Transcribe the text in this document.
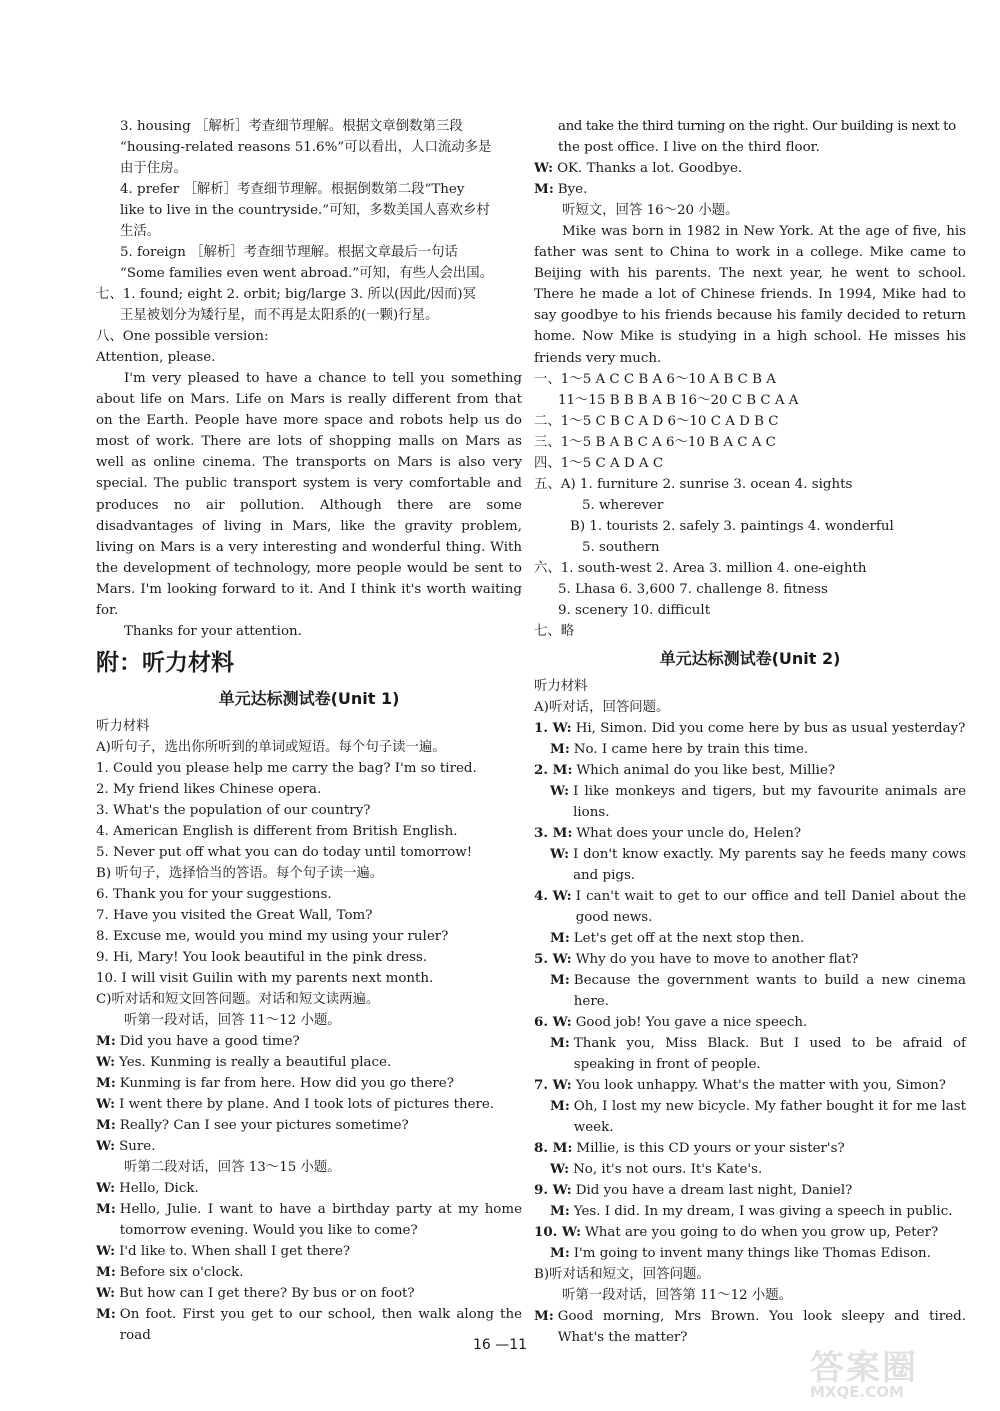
3. housing ［解析］考查细节理解。根据文章倒数第三段
“housing-related reasons 51.6%”可以看出，人口流动多是
由于住房。
4. prefer ［解析］考查细节理解。根据倒数第二段“They
like to live in the countryside.”可知，多数美国人喜欢乡村
生活。
5. foreign ［解析］考查细节理解。根据文章最后一句话
“Some families even went abroad.”可知，有些人会出国。
七、1. found; eight 2. orbit; big/large 3. 所以(因此/因而)冥
王星被划分为矮行星，而不再是太阳系的(一颗)行星。
八、One possible version:
Attention, please.
I'm very pleased to have a chance to tell you something about life on Mars. Life on Mars is really different from that on the Earth. People have more space and robots help us do most of work. There are lots of shopping malls on Mars as well as online cinema. The transports on Mars is also very special. The public transport system is very comfortable and produces no air pollution. Although there are some disadvantages of living in Mars, like the gravity problem, living on Mars is a very interesting and wonderful thing. With the development of technology, more people would be sent to Mars. I'm looking forward to it. And I think it's worth waiting for.
Thanks for your attention.
附：听力材料
单元达标测试卷(Unit 1)
听力材料
A)听句子，选出你所听到的单词或短语。每个句子读一遍。
1. Could you please help me carry the bag? I'm so tired.
2. My friend likes Chinese opera.
3. What's the population of our country?
4. American English is different from British English.
5. Never put off what you can do today until tomorrow!
B) 听句子，选择恰当的答语。每个句子读一遍。
6. Thank you for your suggestions.
7. Have you visited the Great Wall, Tom?
8. Excuse me, would you mind my using your ruler?
9. Hi, Mary! You look beautiful in the pink dress.
10. I will visit Guilin with my parents next month.
C)听对话和短文回答问题。对话和短文读两遍。
听第一段对话，回答 11～12 小题。
M: Did you have a good time?
W: Yes. Kunming is really a beautiful place.
M: Kunming is far from here. How did you go there?
W: I went there by plane. And I took lots of pictures there.
M: Really? Can I see your pictures sometime?
W: Sure.
听第二段对话，回答 13～15 小题。
W: Hello, Dick.
M: Hello, Julie. I want to have a birthday party at my home tomorrow evening. Would you like to come?
W: I'd like to. When shall I get there?
M: Before six o'clock.
W: But how can I get there? By bus or on foot?
M: On foot. First you get to our school, then walk along the road
and take the third turning on the right. Our building is next to
the post office. I live on the third floor.
W: OK. Thanks a lot. Goodbye.
M: Bye.
听短文，回答 16～20 小题。
Mike was born in 1982 in New York. At the age of five, his father was sent to China to work in a college. Mike came to Beijing with his parents. The next year, he went to school. There he made a lot of Chinese friends. In 1994, Mike had to say goodbye to his friends because his family decided to return home. Now Mike is studying in a high school. He misses his friends very much.
一、1～5 A C C B A 6～10 A B C B A
11～15 B B B A B 16～20 C B C A A
二、1～5 C B C A D 6～10 C A D B C
三、1～5 B A B C A 6～10 B A C A C
四、1～5 C A D A C
五、A) 1. furniture 2. sunrise 3. ocean 4. sights
5. wherever
B) 1. tourists 2. safely 3. paintings 4. wonderful
5. southern
六、1. south-west 2. Area 3. million 4. one-eighth
5. Lhasa 6. 3,600 7. challenge 8. fitness
9. scenery 10. difficult
七、略
单元达标测试卷(Unit 2)
听力材料
A)听对话，回答问题。
1. W: Hi, Simon. Did you come here by bus as usual yesterday?
M: No. I came here by train this time.
2. M: Which animal do you like best, Millie?
W: I like monkeys and tigers, but my favourite animals are lions.
3. M: What does your uncle do, Helen?
W: I don't know exactly. My parents say he feeds many cows and pigs.
4. W: I can't wait to get to our office and tell Daniel about the good news.
M: Let's get off at the next stop then.
5. W: Why do you have to move to another flat?
M: Because the government wants to build a new cinema here.
6. W: Good job! You gave a nice speech.
M: Thank you, Miss Black. But I used to be afraid of speaking in front of people.
7. W: You look unhappy. What's the matter with you, Simon?
M: Oh, I lost my new bicycle. My father bought it for me last week.
8. M: Millie, is this CD yours or your sister's?
W: No, it's not ours. It's Kate's.
9. W: Did you have a dream last night, Daniel?
M: Yes. I did. In my dream, I was giving a speech in public.
10. W: What are you going to do when you grow up, Peter?
M: I'm going to invent many things like Thomas Edison.
B)听对话和短文，回答问题。
听第一段对话，回答第 11～12 小题。
M: Good morning, Mrs Brown. You look sleepy and tired. What's the matter?
16 —11
答案圈
MXQE.COM
